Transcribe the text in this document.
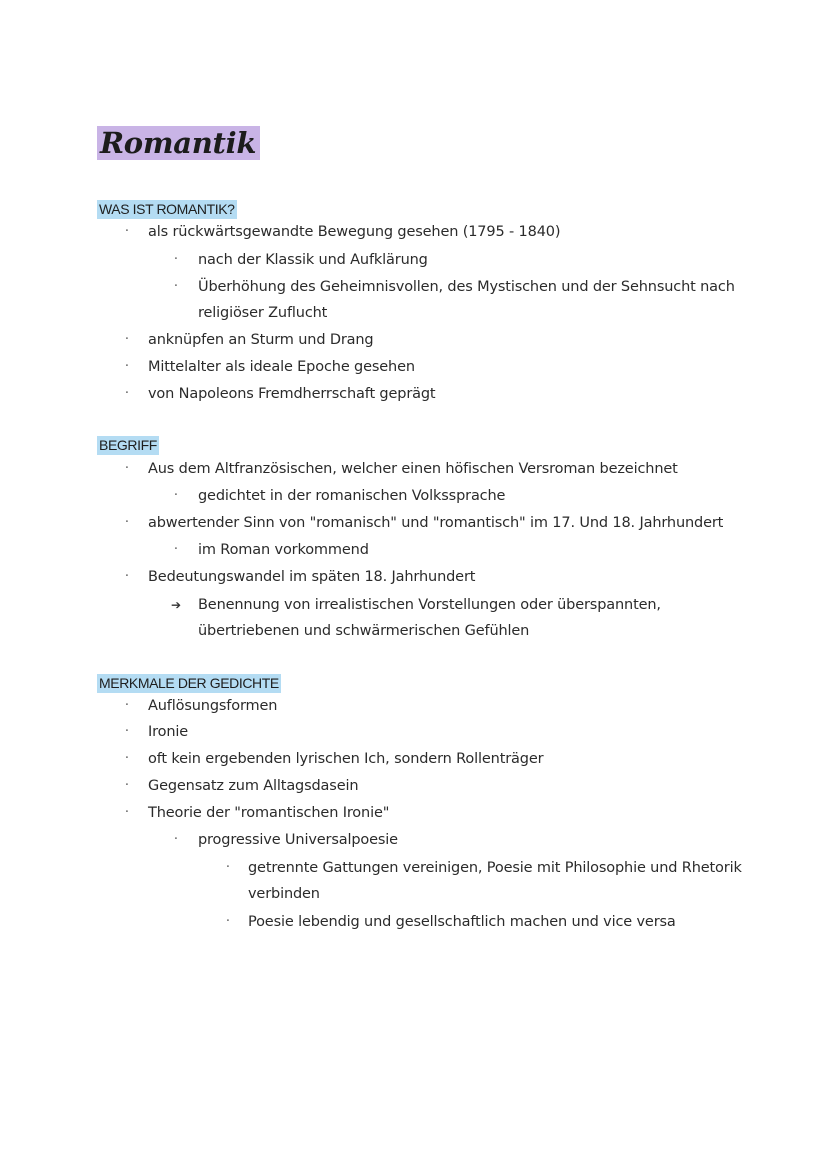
Romantik
WAS IST ROMANTIK?
· als rückwärtsgewandte Bewegung gesehen (1795 - 1840)
· nach der Klassik und Aufklärung
· Überhöhung des Geheimnisvollen, des Mystischen und der Sehnsucht nach
religiöser Zuflucht
· anknüpfen an Sturm und Drang
· Mittelalter als ideale Epoche gesehen
· von Napoleons Fremdherrschaft geprägt
BEGRIFF
· Aus dem Altfranzösischen, welcher einen höfischen Versroman bezeichnet
· gedichtet in der romanischen Volkssprache
· abwertender Sinn von "romanisch" und "romantisch" im 17. Und 18. Jahrhundert
· im Roman vorkommend
· Bedeutungswandel im späten 18. Jahrhundert
➔ Benennung von irrealistischen Vorstellungen oder überspannten,
übertriebenen und schwärmerischen Gefühlen
MERKMALE DER GEDICHTE
· Auflösungsformen
· Ironie
· oft kein ergebenden lyrischen Ich, sondern Rollenträger
· Gegensatz zum Alltagsdasein
· Theorie der "romantischen Ironie"
· progressive Universalpoesie
· getrennte Gattungen vereinigen, Poesie mit Philosophie und Rhetorik
verbinden
· Poesie lebendig und gesellschaftlich machen und vice versa
